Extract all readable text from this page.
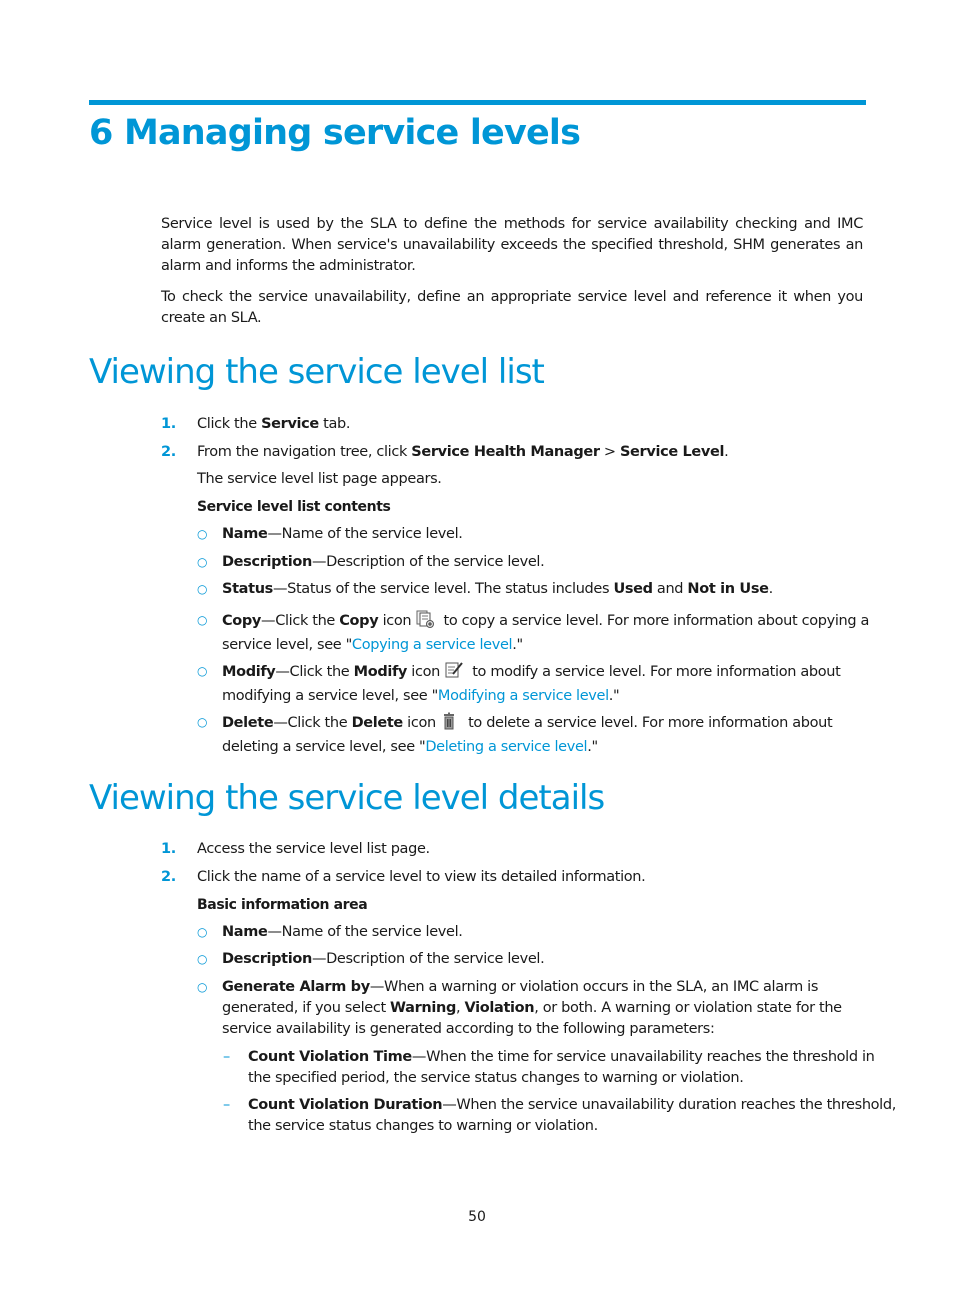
6 Managing service levels

Service level is used by the SLA to define the methods for service availability checking and IMC alarm generation. When service's unavailability exceeds the specified threshold, SHM generates an alarm and informs the administrator.

To check the service unavailability, define an appropriate service level and reference it when you create an SLA.

Viewing the service level list
1. Click the Service tab.
2. From the navigation tree, click Service Health Manager > Service Level.

The service level list page appears.

Service level list contents

○ Name—Name of the service level.
○ Description—Description of the service level.
○ Status—Status of the service level. The status includes Used and Not in Use.
○ Copy—Click the Copy icon to copy a service level. For more information about copying a
service level, see "Copying a service level."
○ Modify—Click the Modify icon to modify a service level. For more information about
modifying a service level, see "Modifying a service level."
○ Delete—Click the Delete icon to delete a service level. For more information about
deleting a service level, see "Deleting a service level."
Viewing the service level details
1. Access the service level list page.
2. Click the name of a service level to view its detailed information.

Basic information area

○ Name—Name of the service level.
○ Description—Description of the service level.
○ Generate Alarm by—When a warning or violation occurs in the SLA, an IMC alarm is
generated, if you select Warning, Violation, or both. A warning or violation state for the
service availability is generated according to the following parameters:
– Count Violation Time—When the time for service unavailability reaches the threshold in
the specified period, the service status changes to warning or violation.
– Count Violation Duration—When the service unavailability duration reaches the threshold,
the service status changes to warning or violation.
50
